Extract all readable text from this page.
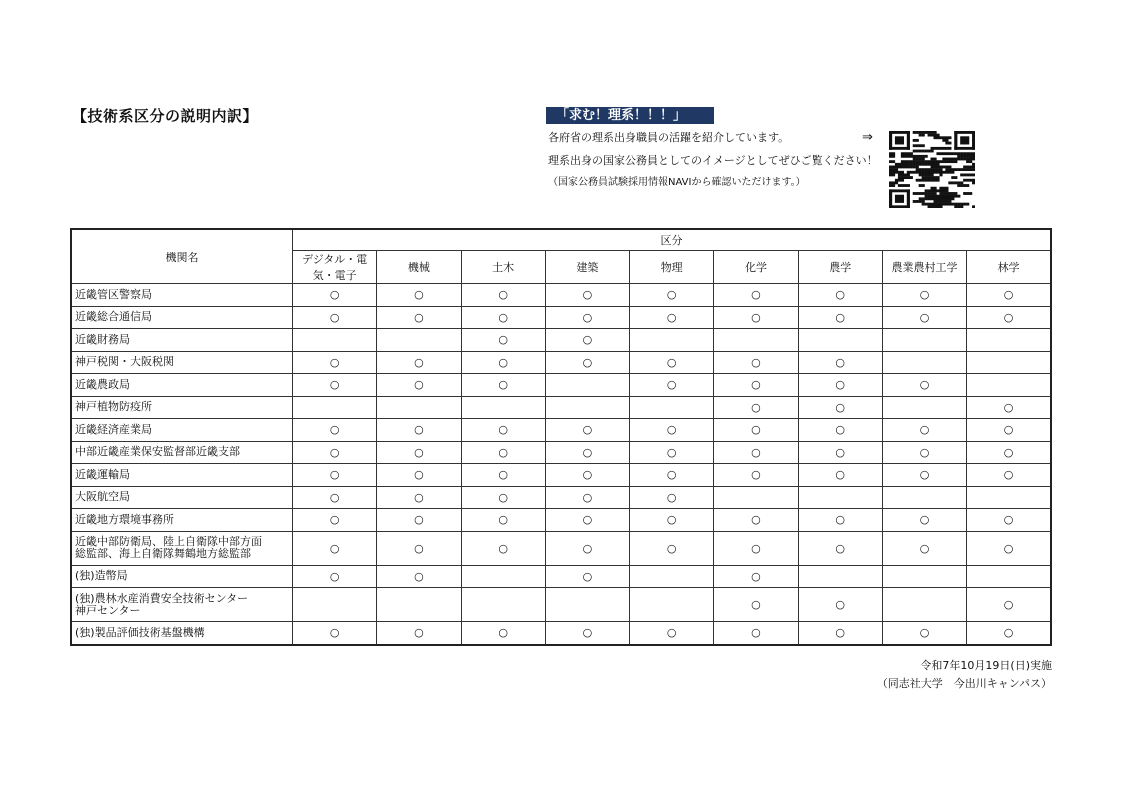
【技術系区分の説明内訳】	「求む！理系！！！」
各府省の理系出身職員の活躍を紹介しています。	⇒
理系出身の国家公務員としてのイメージとしてぜひご覧ください！
（国家公務員試験採用情報NAVIから確認いただけます。）
機関名	区分								
	デジタル・電気・電子	機械	土木	建築	物理	化学	農学	農業農村工学	林学
近畿管区警察局	○	○	○	○	○	○	○	○	○
近畿総合通信局	○	○	○	○	○	○	○	○	○
近畿財務局			○	○					
神戸税関・大阪税関	○	○	○	○	○	○	○		
近畿農政局	○	○	○		○	○	○	○	
神戸植物防疫所						○	○		○
近畿経済産業局	○	○	○	○	○	○	○	○	○
中部近畿産業保安監督部近畿支部	○	○	○	○	○	○	○	○	○
近畿運輸局	○	○	○	○	○	○	○	○	○
大阪航空局	○	○	○	○	○				
近畿地方環境事務所	○	○	○	○	○	○	○	○	○

近畿中部防衛局、陸上自衛隊中部方面
総監部、海上自衛隊舞鶴地方総監部	○	○	○	○	○	○	○	○	○
(独)造幣局	○	○		○		○			

(独)農林水産消費安全技術センター
神戸センター						○	○		○
(独)製品評価技術基盤機構	○	○	○	○	○	○	○	○	○
令和7年10月19日(日)実施
（同志社大学　今出川キャンパス）
